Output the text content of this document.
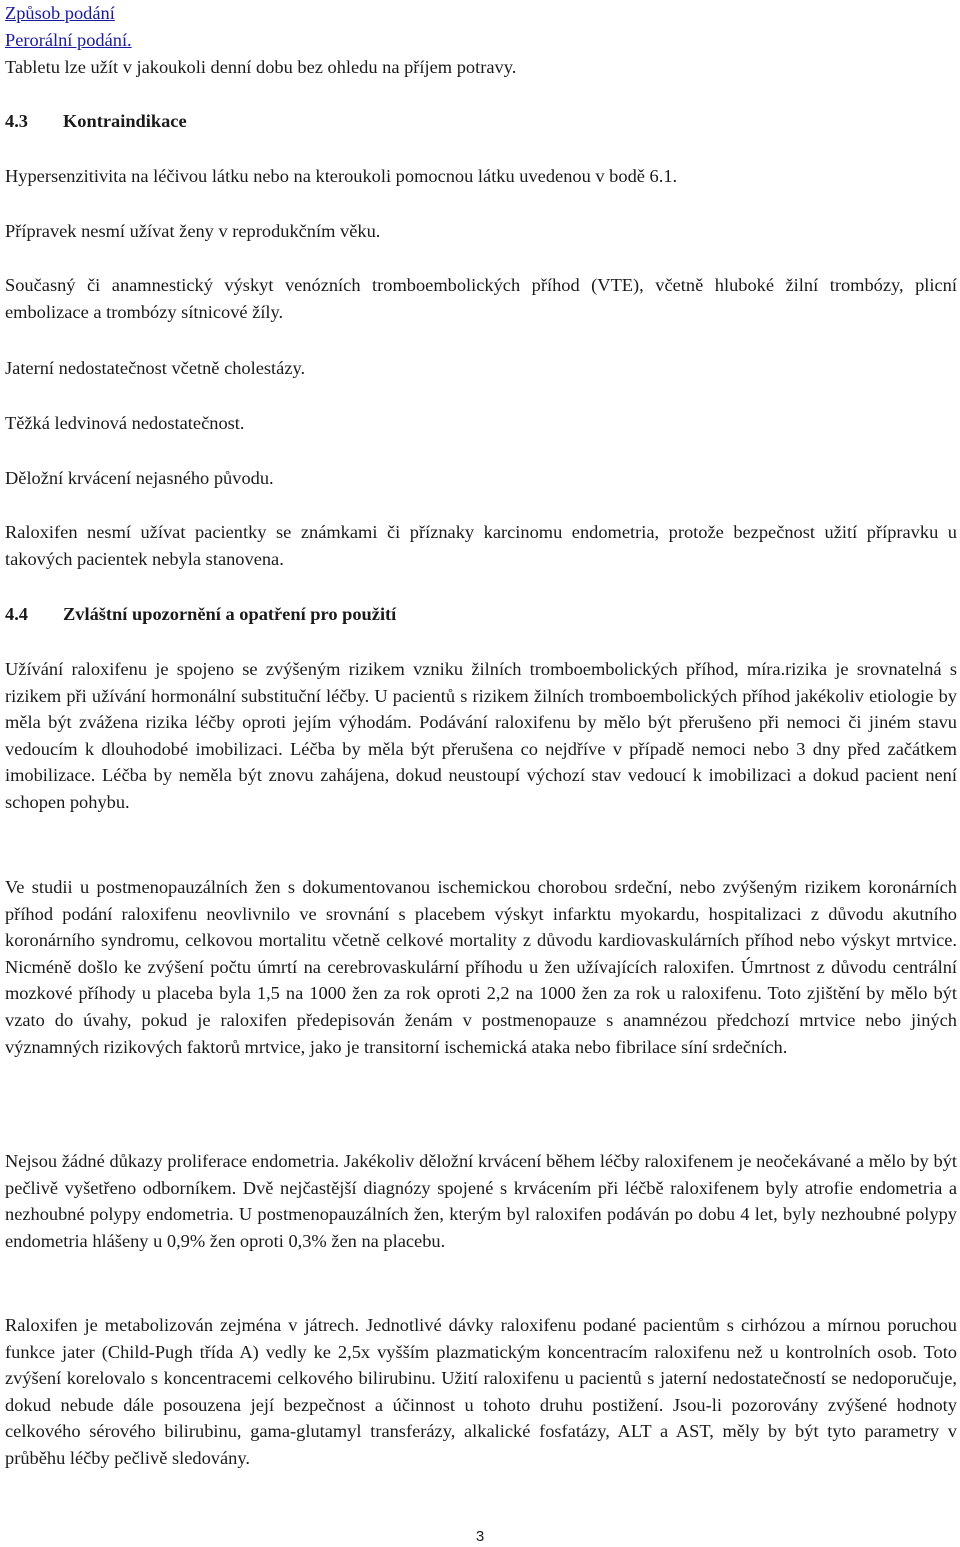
Způsob podání

Perorální podání.

Tabletu lze užít v jakoukoli denní dobu bez ohledu na příjem potravy.

4.3 Kontraindikace

Hypersenzitivita na léčivou látku nebo na kteroukoli pomocnou látku uvedenou v bodě 6.1.

Přípravek nesmí užívat ženy v reprodukčním věku.

Současný či anamnestický výskyt venózních tromboembolických příhod (VTE), včetně hluboké žilní trombózy, plicní embolizace a trombózy sítnicové žíly.

Jaterní nedostatečnost včetně cholestázy.

Těžká ledvinová nedostatečnost.

Děložní krvácení nejasného původu.

Raloxifen nesmí užívat pacientky se známkami či příznaky karcinomu endometria, protože bezpečnost užití přípravku u takových pacientek nebyla stanovena.

4.4 Zvláštní upozornění a opatření pro použití

Užívání raloxifenu je spojeno se zvýšeným rizikem vzniku žilních tromboembolických příhod, míra.rizika je srovnatelná s rizikem při užívání hormonální substituční léčby. U pacientů s rizikem žilních tromboembolických příhod jakékoliv etiologie by měla být zvážena rizika léčby oproti jejím výhodám. Podávání raloxifenu by mělo být přerušeno při nemoci či jiném stavu vedoucím k dlouhodobé imobilizaci. Léčba by měla být přerušena co nejdříve v případě nemoci nebo 3 dny před začátkem imobilizace. Léčba by neměla být znovu zahájena, dokud neustoupí výchozí stav vedoucí k imobilizaci a dokud pacient není schopen pohybu.

Ve studii u postmenopauzálních žen s dokumentovanou ischemickou chorobou srdeční, nebo zvýšeným rizikem koronárních příhod podání raloxifenu neovlivnilo ve srovnání s placebem výskyt infarktu myokardu, hospitalizaci z důvodu akutního koronárního syndromu, celkovou mortalitu včetně celkové mortality z důvodu kardiovaskulárních příhod nebo výskyt mrtvice. Nicméně došlo ke zvýšení počtu úmrtí na cerebrovaskulární příhodu u žen užívajících raloxifen. Úmrtnost z důvodu centrální mozkové příhody u placeba byla 1,5 na 1000 žen za rok oproti 2,2 na 1000 žen za rok u raloxifenu. Toto zjištění by mělo být vzato do úvahy, pokud je raloxifen předepisován ženám v postmenopauze s anamnézou předchozí mrtvice nebo jiných významných rizikových faktorů mrtvice, jako je transitorní ischemická ataka nebo fibrilace síní srdečních.

Nejsou žádné důkazy proliferace endometria. Jakékoliv děložní krvácení během léčby raloxifenem je neočekávané a mělo by být pečlivě vyšetřeno odborníkem. Dvě nejčastější diagnózy spojené s krvácením při léčbě raloxifenem byly atrofie endometria a nezhoubné polypy endometria. U postmenopauzálních žen, kterým byl raloxifen podáván po dobu 4 let, byly nezhoubné polypy endometria hlášeny u 0,9% žen oproti 0,3% žen na placebu.

Raloxifen je metabolizován zejména v játrech. Jednotlivé dávky raloxifenu podané pacientům s cirhózou a mírnou poruchou funkce jater (Child-Pugh třída A) vedly ke 2,5x vyšším plazmatickým koncentracím raloxifenu než u kontrolních osob. Toto zvýšení korelovalo s koncentracemi celkového bilirubinu. Užití raloxifenu u pacientů s jaterní nedostatečností se nedoporučuje, dokud nebude dále posouzena její bezpečnost a účinnost u tohoto druhu postižení. Jsou-li pozorovány zvýšené hodnoty celkového sérového bilirubinu, gama-glutamyl transferázy, alkalické fosfatázy, ALT a AST, měly by být tyto parametry v průběhu léčby pečlivě sledovány.

3
